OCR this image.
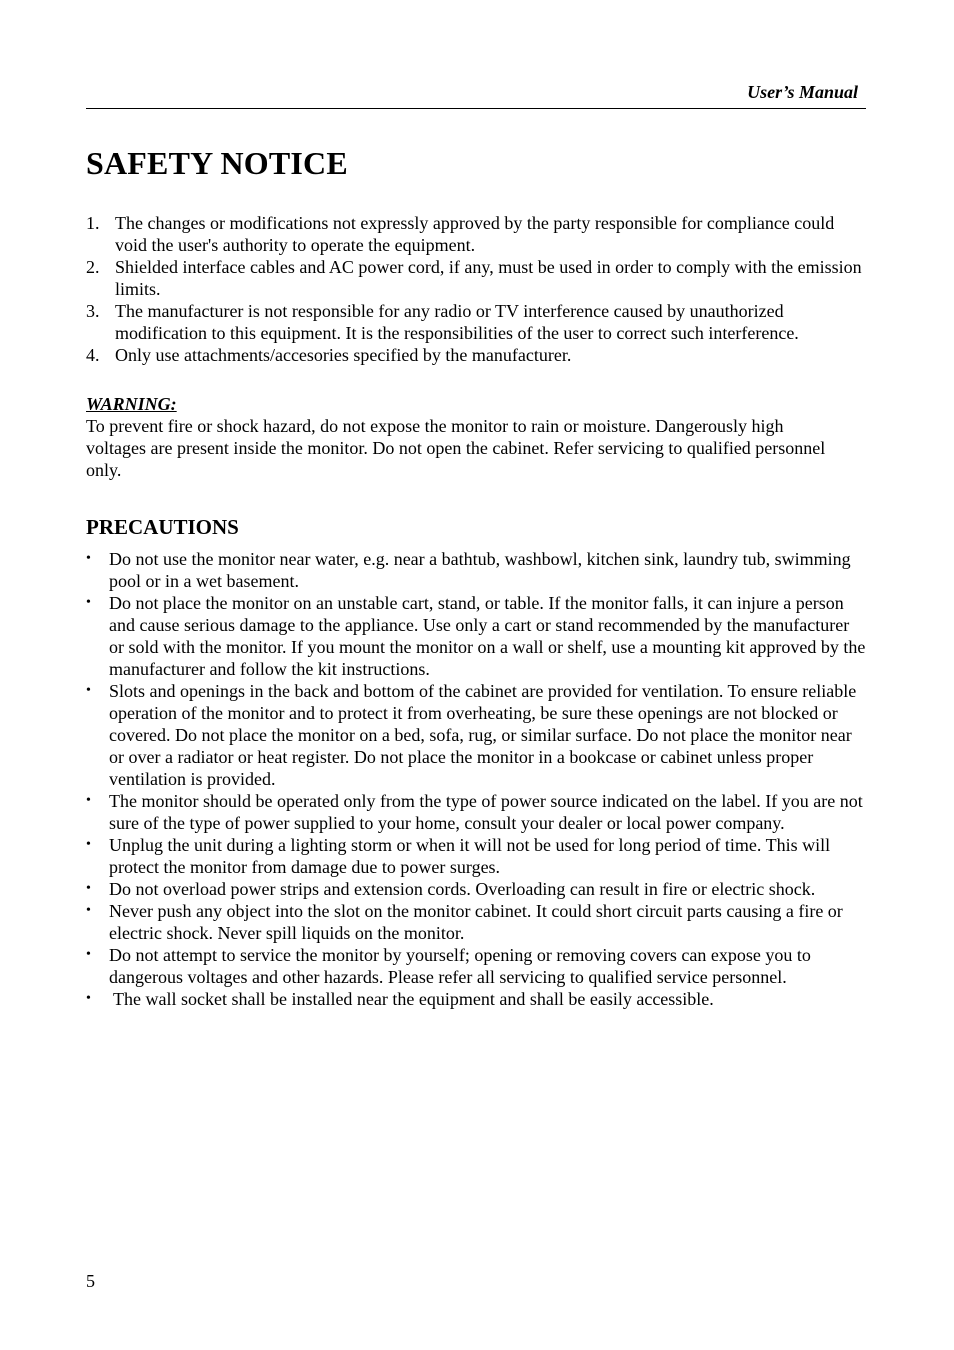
User’s Manual
SAFETY NOTICE
1. The changes or modifications not expressly approved by the party responsible for compliance could void the user's authority to operate the equipment.
2. Shielded interface cables and AC power cord, if any, must be used in order to comply with the emission limits.
3. The manufacturer is not responsible for any radio or TV interference caused by unauthorized modification to this equipment. It is the responsibilities of the user to correct such interference.
4. Only use attachments/accesories specified by the manufacturer.
WARNING:
To prevent fire or shock hazard, do not expose the monitor to rain or moisture. Dangerously high voltages are present inside the monitor. Do not open the cabinet. Refer servicing to qualified personnel only.
PRECAUTIONS
• Do not use the monitor near water, e.g. near a bathtub, washbowl, kitchen sink, laundry tub, swimming pool or in a wet basement.
• Do not place the monitor on an unstable cart, stand, or table. If the monitor falls, it can injure a person and cause serious damage to the appliance. Use only a cart or stand recommended by the manufacturer or sold with the monitor. If you mount the monitor on a wall or shelf, use a mounting kit approved by the manufacturer and follow the kit instructions.
• Slots and openings in the back and bottom of the cabinet are provided for ventilation. To ensure reliable operation of the monitor and to protect it from overheating, be sure these openings are not blocked or covered. Do not place the monitor on a bed, sofa, rug, or similar surface. Do not place the monitor near or over a radiator or heat register. Do not place the monitor in a bookcase or cabinet unless proper ventilation is provided.
• The monitor should be operated only from the type of power source indicated on the label. If you are not sure of the type of power supplied to your home, consult your dealer or local power company.
• Unplug the unit during a lighting storm or when it will not be used for long period of time. This will protect the monitor from damage due to power surges.
• Do not overload power strips and extension cords. Overloading can result in fire or electric shock.
• Never push any object into the slot on the monitor cabinet. It could short circuit parts causing a fire or electric shock. Never spill liquids on the monitor.
• Do not attempt to service the monitor by yourself; opening or removing covers can expose you to dangerous voltages and other hazards. Please refer all servicing to qualified service personnel.
• The wall socket shall be installed near the equipment and shall be easily accessible.
5
